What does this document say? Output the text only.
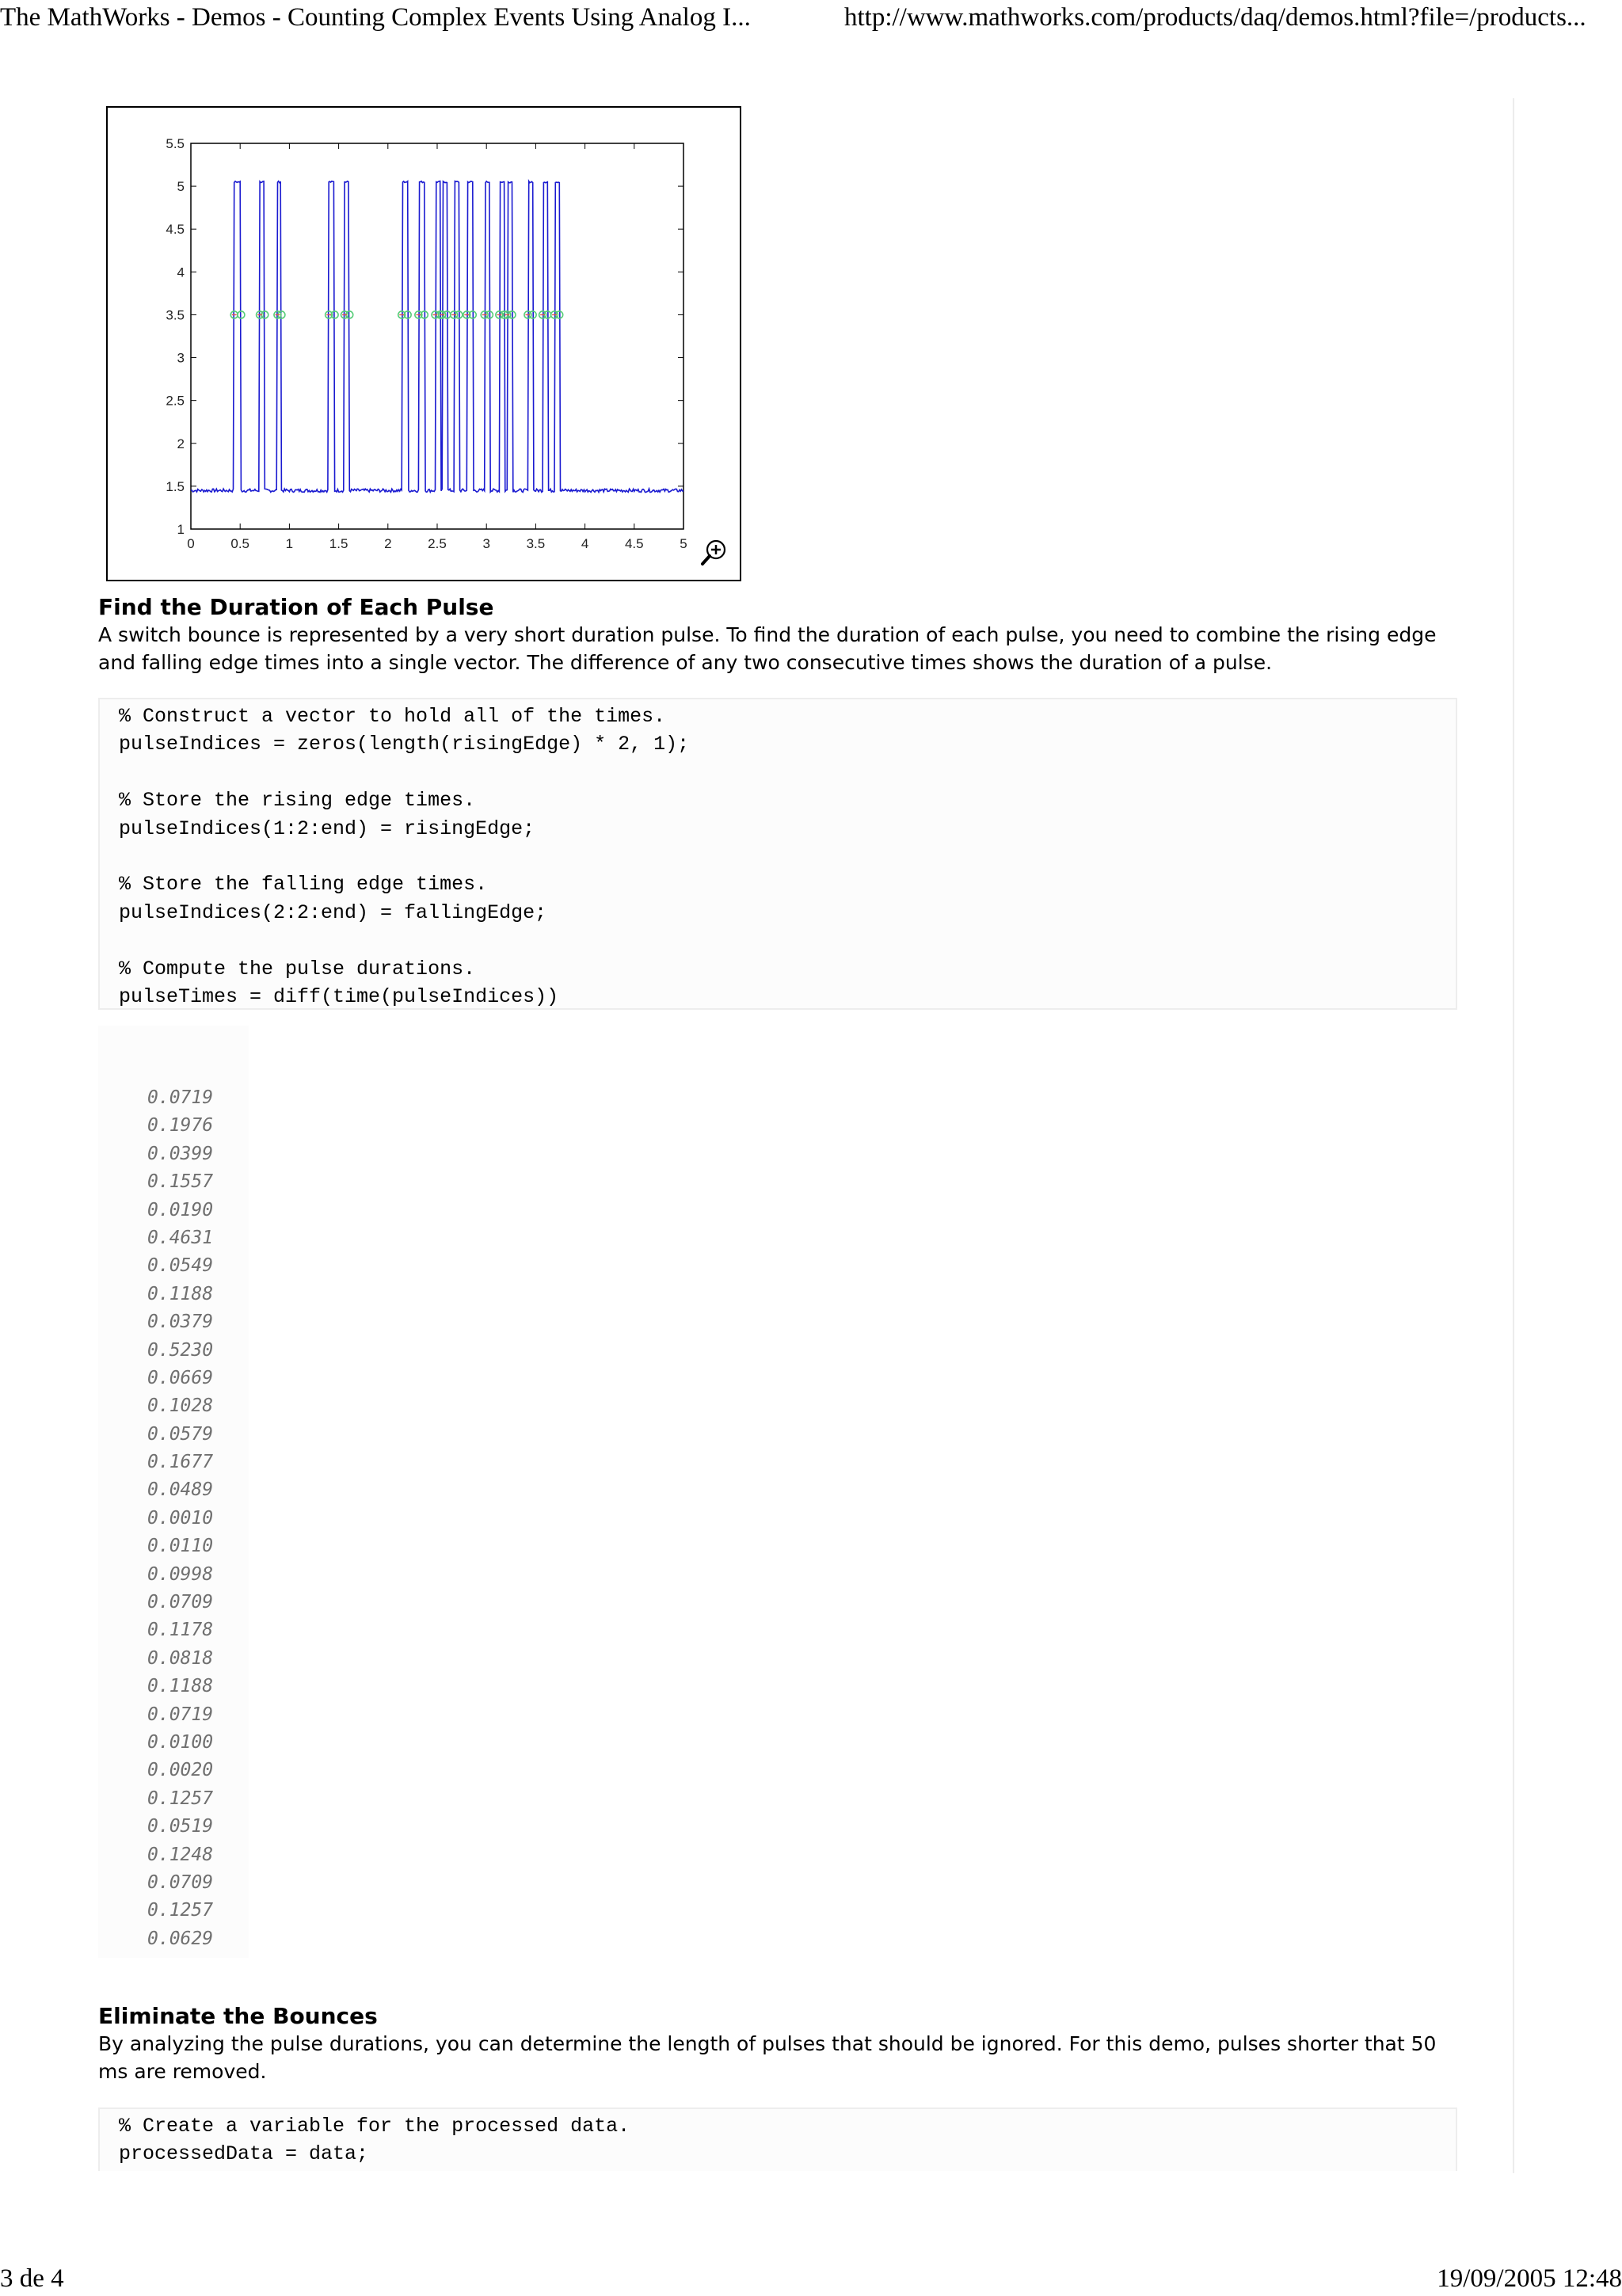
The MathWorks - Demos - Counting Complex Events Using Analog I...	http://www.mathworks.com/products/daq/demos.html?file=/products...
0	0.5	1	1.5	2	2.5	3	3.5	4	4.5	5
1
1.5
2
2.5
3
3.5
4
4.5
5
5.5
Find the Duration of Each Pulse
A switch bounce is represented by a very short duration pulse. To find the duration of each pulse, you need to combine the rising edge and falling edge times into a single vector. The difference of any two consecutive times shows the duration of a pulse.
% Construct a vector to hold all of the times.
pulseIndices = zeros(length(risingEdge) * 2, 1);
% Store the rising edge times.
pulseIndices(1:2:end) = risingEdge;
% Store the falling edge times.
pulseIndices(2:2:end) = fallingEdge;
% Compute the pulse durations.
pulseTimes = diff(time(pulseIndices))
0.0719
0.1976
0.0399
0.1557
0.0190
0.4631
0.0549
0.1188
0.0379
0.5230
0.0669
0.1028
0.0579
0.1677
0.0489
0.0010
0.0110
0.0998
0.0709
0.1178
0.0818
0.1188
0.0719
0.0100
0.0020
0.1257
0.0519
0.1248
0.0709
0.1257
0.0629
Eliminate the Bounces
By analyzing the pulse durations, you can determine the length of pulses that should be ignored. For this demo, pulses shorter that 50 ms are removed.
% Create a variable for the processed data.
processedData = data;
3 de 4	19/09/2005 12:48
